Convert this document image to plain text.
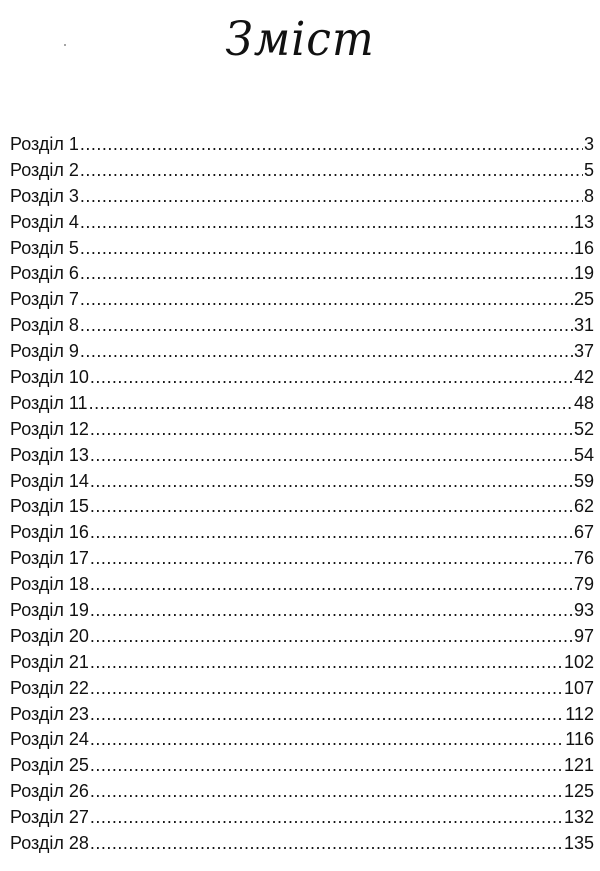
Зміст
Розділ 1 .....	3
Розділ 2 .....	5
Розділ 3 .....	8
Розділ 4 .....	13
Розділ 5 .....	16
Розділ 6 .....	19
Розділ 7 .....	25
Розділ 8 .....	31
Розділ 9 .....	37
Розділ 10 .....	42
Розділ 11 .....	48
Розділ 12 .....	52
Розділ 13 .....	54
Розділ 14 .....	59
Розділ 15 .....	62
Розділ 16 .....	67
Розділ 17 .....	76
Розділ 18 .....	79
Розділ 19 .....	93
Розділ 20 .....	97
Розділ 21 .....	102
Розділ 22 .....	107
Розділ 23 .....	112
Розділ 24 .....	116
Розділ 25 .....	121
Розділ 26 .....	125
Розділ 27 .....	132
Розділ 28 .....	135
